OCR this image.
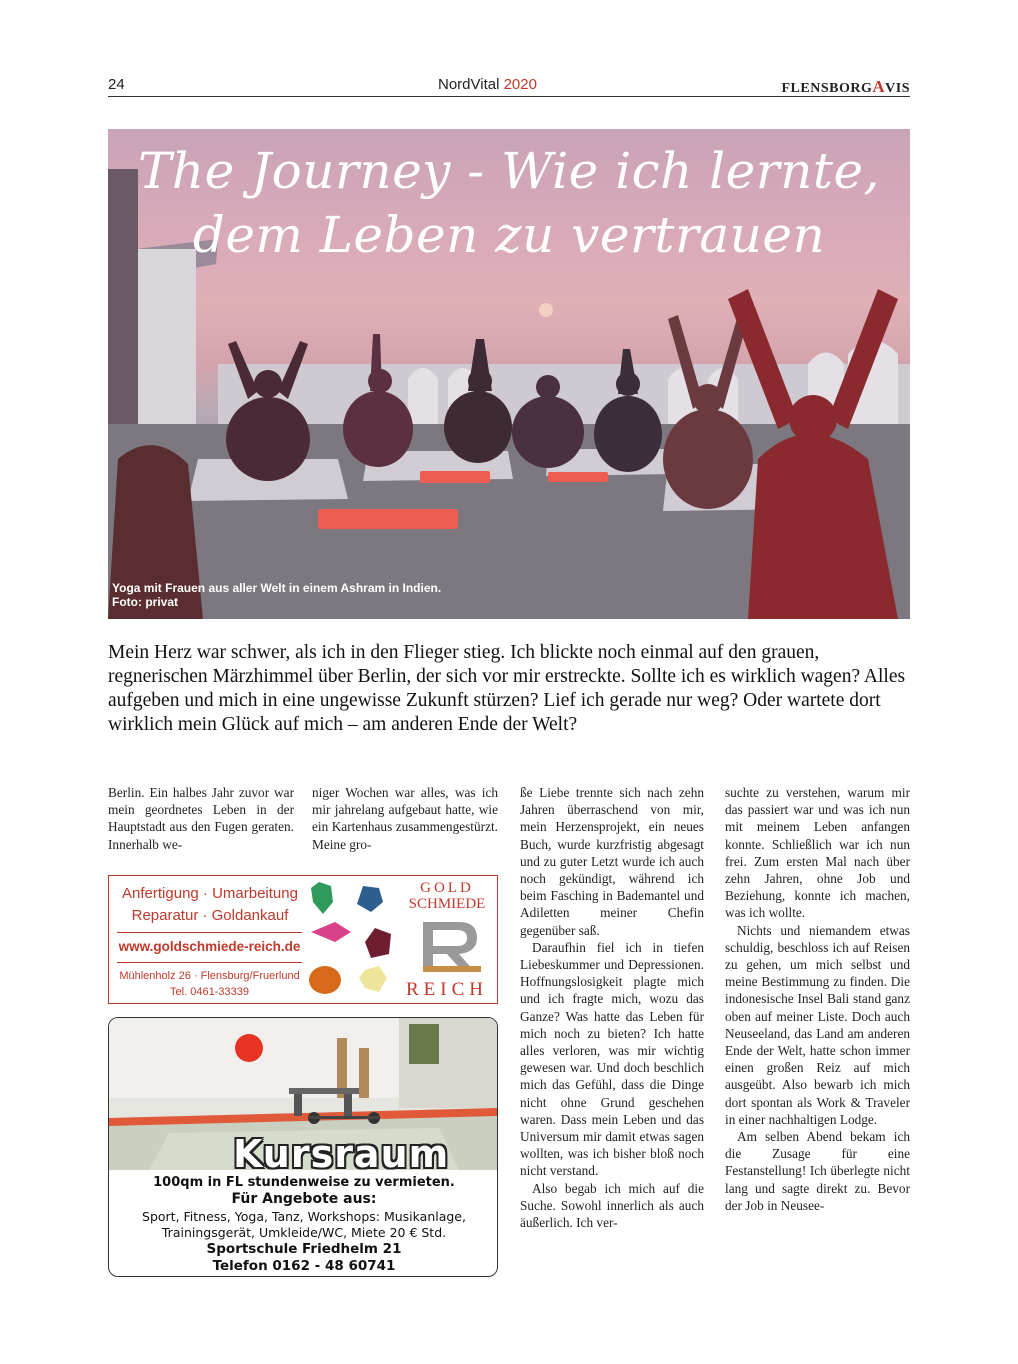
24	NordVital 2020	FLENSBORGAVIS
The Journey - Wie ich lernte,
dem Leben zu vertrauen
Yoga mit Frauen aus aller Welt in einem Ashram in Indien.
Foto: privat
Mein Herz war schwer, als ich in den Flieger stieg. Ich blickte noch einmal auf den grauen, regnerischen Märzhimmel über Berlin, der sich vor mir erstreckte. Sollte ich es wirklich wagen? Alles aufgeben und mich in eine ungewisse Zukunft stürzen? Lief ich gerade nur weg? Oder wartete dort wirklich mein Glück auf mich – am anderen Ende der Welt?

Berlin. Ein halbes Jahr zuvor war mein geordnetes Leben in der Hauptstadt aus den Fugen geraten. Innerhalb we-

niger Wochen war alles, was ich mir jahrelang aufgebaut hatte, wie ein Kartenhaus zusammengestürzt. Meine gro-

ße Liebe trennte sich nach zehn Jahren überraschend von mir, mein Herzensprojekt, ein neues Buch, wurde kurzfristig abgesagt und zu guter Letzt wurde ich auch noch gekündigt, während ich beim Fasching in Bademantel und Adiletten meiner Chefin gegenüber saß.

Daraufhin fiel ich in tiefen Liebeskummer und Depressionen. Hoffnungslosigkeit plagte mich und ich fragte mich, wozu das Ganze? Was hatte das Leben für mich noch zu bieten? Ich hatte alles verloren, was mir wichtig gewesen war. Und doch beschlich mich das Gefühl, dass die Dinge nicht ohne Grund geschehen waren. Dass mein Leben und das Universum mir damit etwas sagen wollten, was ich bisher bloß noch nicht verstand.

Also begab ich mich auf die Suche. Sowohl innerlich als auch äußerlich. Ich ver-

suchte zu verstehen, warum mir das passiert war und was ich nun mit meinem Leben anfangen konnte. Schließlich war ich nun frei. Zum ersten Mal nach über zehn Jahren, ohne Job und Beziehung, konnte ich machen, was ich wollte.

Nichts und niemandem etwas schuldig, beschloss ich auf Reisen zu gehen, um mich selbst und meine Bestimmung zu finden. Die indonesische Insel Bali stand ganz oben auf meiner Liste. Doch auch Neuseeland, das Land am anderen Ende der Welt, hatte schon immer einen großen Reiz auf mich ausgeübt. Also bewarb ich mich dort spontan als Work & Traveler in einer nachhaltigen Lodge.

Am selben Abend bekam ich die Zusage für eine Festanstellung! Ich überlegte nicht lang und sagte direkt zu. Bevor der Job in Neusee-

Anfertigung · Umarbeitung
Reparatur · Goldankauf
www.goldschmiede-reich.de
Mühlenholz 26 · Flensburg/Fruerlund
Tel. 0461-33339
GOLD
SCHMIEDE
REICH
Kursraum
100qm in FL stundenweise zu vermieten.
Für Angebote aus:
Sport, Fitness, Yoga, Tanz, Workshops: Musikanlage,
Trainingsgerät, Umkleide/WC, Miete 20 € Std.
Sportschule Friedhelm 21
Telefon 0162 - 48 60741
